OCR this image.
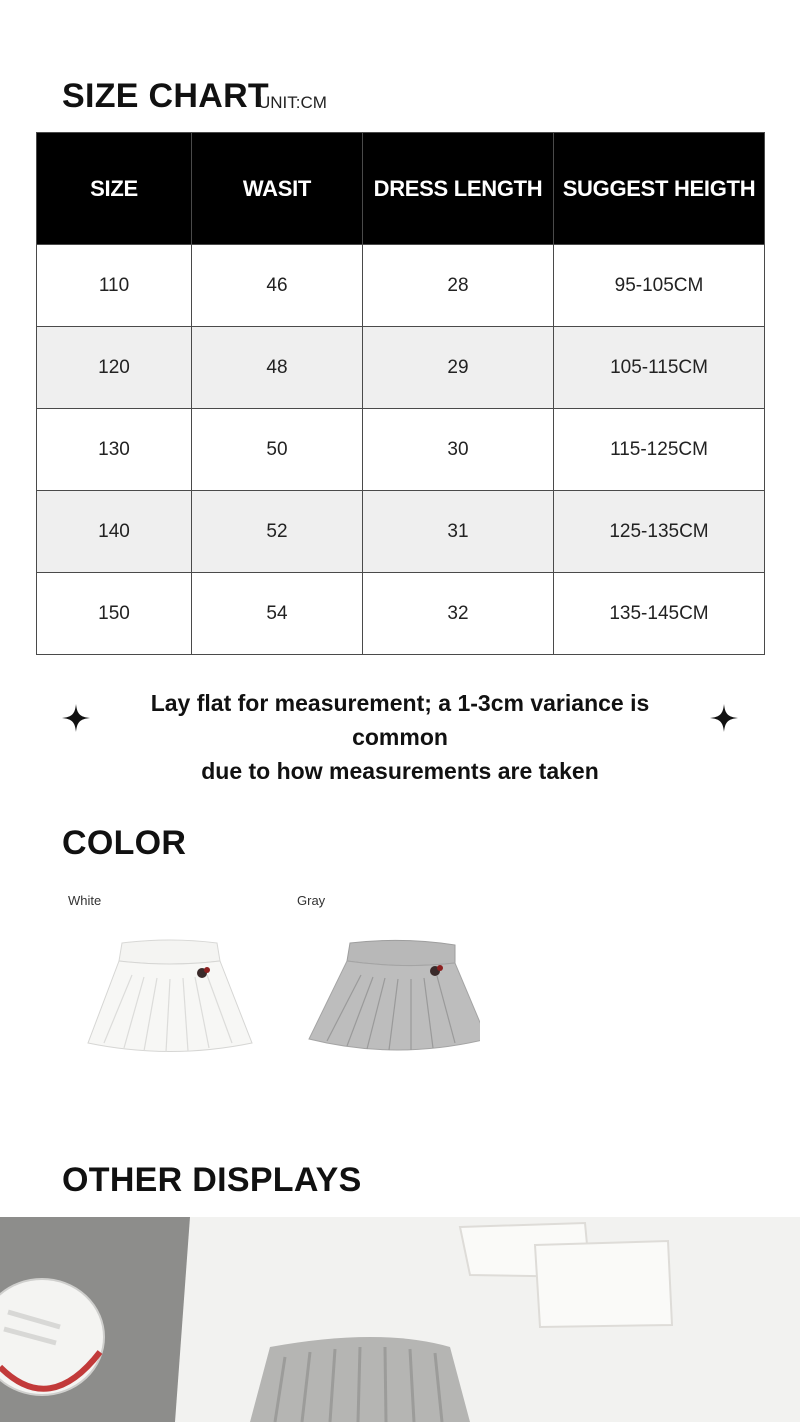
SIZE CHART
UNIT:CM
SIZE	WASIT	DRESS LENGTH	SUGGEST HEIGTH
110	46	28	95-105CM
120	48	29	105-115CM
130	50	30	115-125CM
140	52	31	125-135CM
150	54	32	135-145CM
Lay flat for measurement; a 1-3cm variance is common
due to how measurements are taken
COLOR
White	Gray
OTHER DISPLAYS
